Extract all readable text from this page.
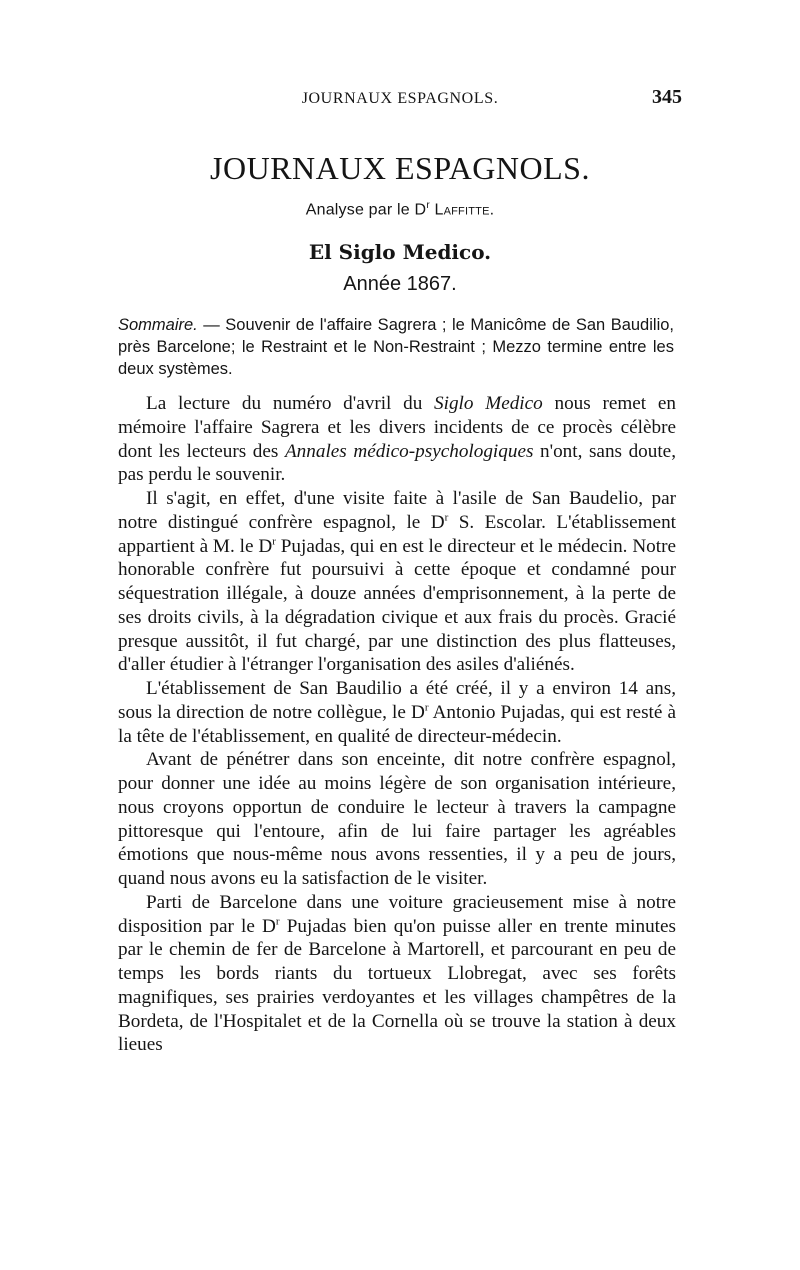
JOURNAUX ESPAGNOLS.	345
JOURNAUX ESPAGNOLS.
Analyse par le $D^r$ Laffitte.
El Siglo Medico.
Année 1867.
Sommaire. — Souvenir de l'affaire Sagrera ; le Manicôme de San Baudilio, près Barcelone; le Restraint et le Non-Restraint ; Mezzo termine entre les deux systèmes.

La lecture du numéro d'avril du Siglo Medico nous remet en mémoire l'affaire Sagrera et les divers incidents de ce procès célèbre dont les lecteurs des Annales médico-psychologiques n'ont, sans doute, pas perdu le souvenir.

Il s'agit, en effet, d'une visite faite à l'asile de San Baudelio, par notre distingué confrère espagnol, le $D^r$ S. Escolar. L'établissement appartient à M. le $D^r$ Pujadas, qui en est le directeur et le médecin. Notre honorable confrère fut poursuivi à cette époque et condamné pour séquestration illégale, à douze années d'emprisonnement, à la perte de ses droits civils, à la dégradation civique et aux frais du procès. Gracié presque aussitôt, il fut chargé, par une distinction des plus flatteuses, d'aller étudier à l'étranger l'organisation des asiles d'aliénés.

L'établissement de San Baudilio a été créé, il y a environ 14 ans, sous la direction de notre collègue, le $D^r$ Antonio Pujadas, qui est resté à la tête de l'établissement, en qualité de directeur-médecin.

Avant de pénétrer dans son enceinte, dit notre confrère espagnol, pour donner une idée au moins légère de son organisation intérieure, nous croyons opportun de conduire le lecteur à travers la campagne pittoresque qui l'entoure, afin de lui faire partager les agréables émotions que nous-même nous avons ressenties, il y a peu de jours, quand nous avons eu la satisfaction de le visiter.

Parti de Barcelone dans une voiture gracieusement mise à notre disposition par le $D^r$ Pujadas bien qu'on puisse aller en trente minutes par le chemin de fer de Barcelone à Martorell, et parcourant en peu de temps les bords riants du tortueux Llobregat, avec ses forêts magnifiques, ses prairies verdoyantes et les villages champêtres de la Bordeta, de l'Hospitalet et de la Cornella où se trouve la station à deux lieues
